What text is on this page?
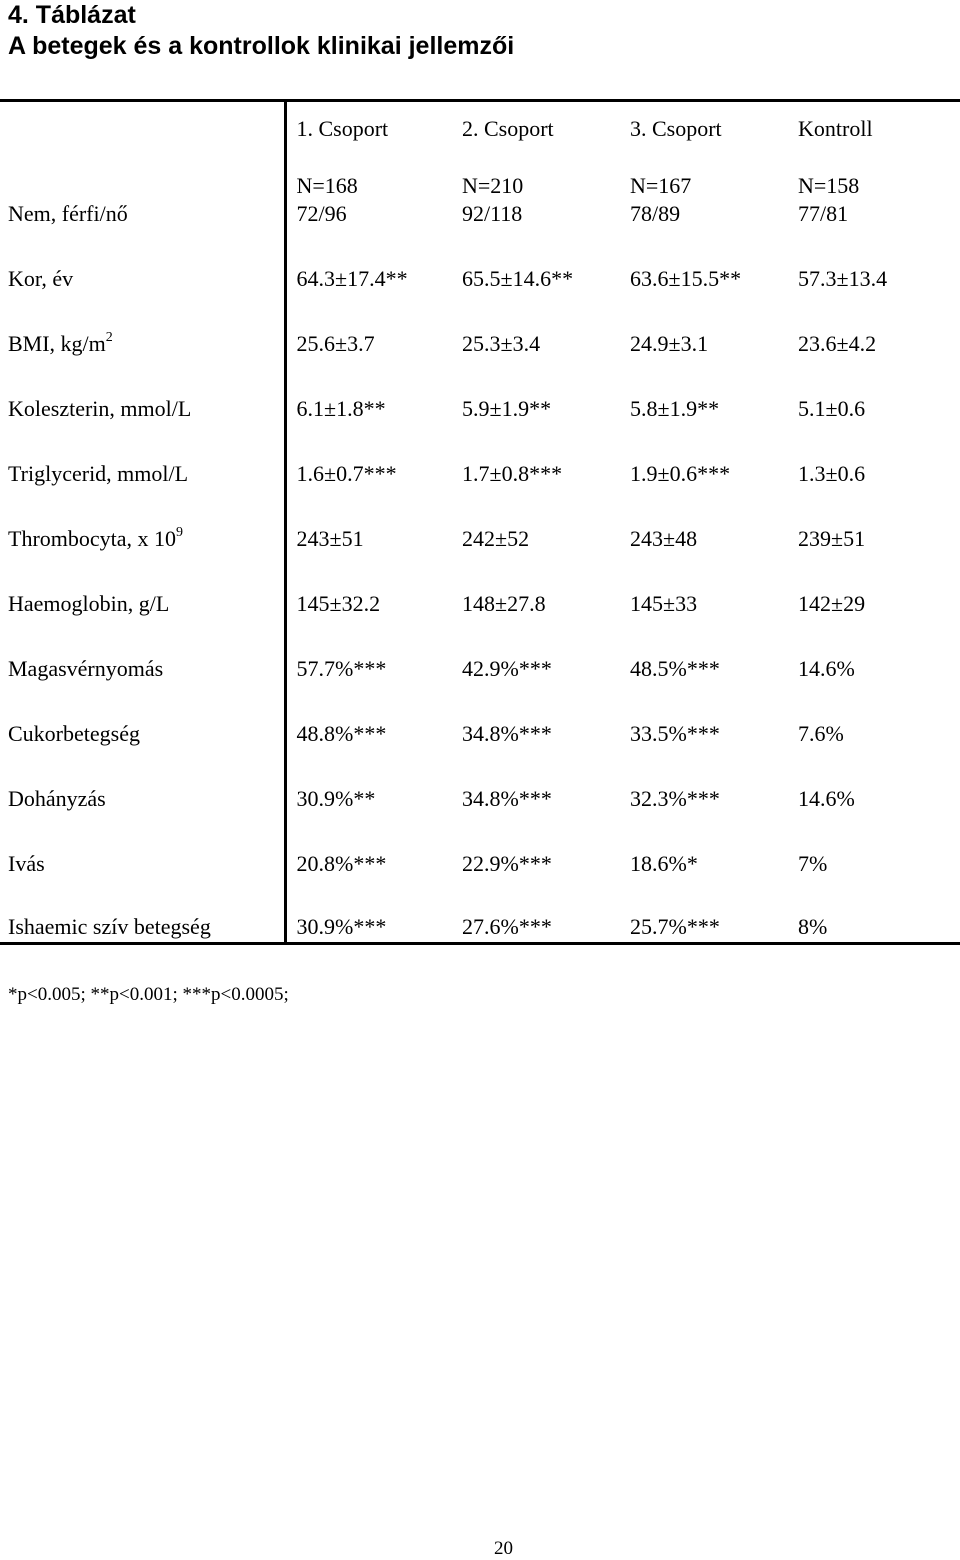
4. Táblázat
A betegek és a kontrollok klinikai jellemzői
	1. Csoport	2. Csoport	3. Csoport	Kontroll
	N=168	N=210	N=167	N=158
Nem, férfi/nő	72/96	92/118	78/89	77/81
Kor, év	64.3±17.4**	65.5±14.6**	63.6±15.5**	57.3±13.4
BMI, $kg/m^2$	25.6±3.7	25.3±3.4	24.9±3.1	23.6±4.2
Koleszterin, mmol/L	6.1±1.8**	5.9±1.9**	5.8±1.9**	5.1±0.6
Triglycerid, mmol/L	1.6±0.7***	1.7±0.8***	1.9±0.6***	1.3±0.6
Thrombocyta, x $10^9$	243±51	242±52	243±48	239±51
Haemoglobin, g/L	145±32.2	148±27.8	145±33	142±29
Magasvérnyomás	57.7%***	42.9%***	48.5%***	14.6%
Cukorbetegség	48.8%***	34.8%***	33.5%***	7.6%
Dohányzás	30.9%**	34.8%***	32.3%***	14.6%
Ivás	20.8%***	22.9%***	18.6%*	7%
Ishaemic szív betegség	30.9%***	27.6%***	25.7%***	8%
*p<0.005; **p<0.001; ***p<0.0005;
20
